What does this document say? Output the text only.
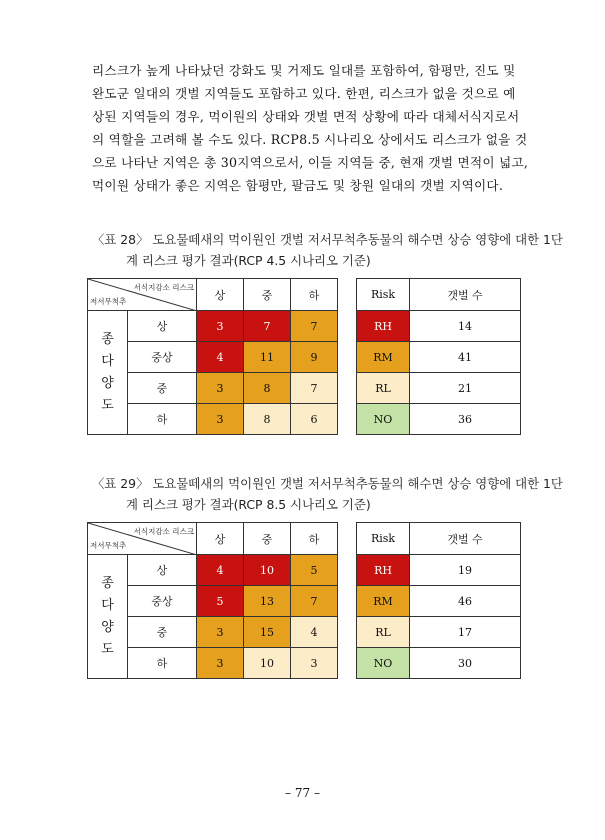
리스크가 높게 나타났던 강화도 및 거제도 일대를 포함하여, 함평만, 진도 및
완도군 일대의 갯벌 지역들도 포함하고 있다. 한편, 리스크가 없을 것으로 예
상된 지역들의 경우, 먹이원의 상태와 갯벌 면적 상황에 따라 대체서식지로서
의 역할을 고려해 볼 수도 있다. RCP8.5 시나리오 상에서도 리스크가 없을 것
으로 나타난 지역은 총 30지역으로서, 이들 지역들 중, 현재 갯벌 면적이 넓고,
먹이원 상태가 좋은 지역은 함평만, 팔금도 및 창원 일대의 갯벌 지역이다.
〈표 28〉 도요물떼새의 먹이원인 갯벌 저서무척추동물의 해수면 상승 영향에 대한 1단
계 리스크 평가 결과(RCP 4.5 시나리오 기준)
서식지감소 리스크
저서무척추		상	중	하

종
다
양
도	상	3	7	7
	중상	4	11	9
	중	3	8	7
	하	3	8	6
Risk	갯벌 수
RH	14
RM	41
RL	21
NO	36
〈표 29〉 도요물떼새의 먹이원인 갯벌 저서무척추동물의 해수면 상승 영향에 대한 1단
계 리스크 평가 결과(RCP 8.5 시나리오 기준)
서식지감소 리스크
저서무척추		상	중	하

종
다
양
도	상	4	10	5
	중상	5	13	7
	중	3	15	4
	하	3	10	3
Risk	갯벌 수
RH	19
RM	46
RL	17
NO	30
– 77 –
